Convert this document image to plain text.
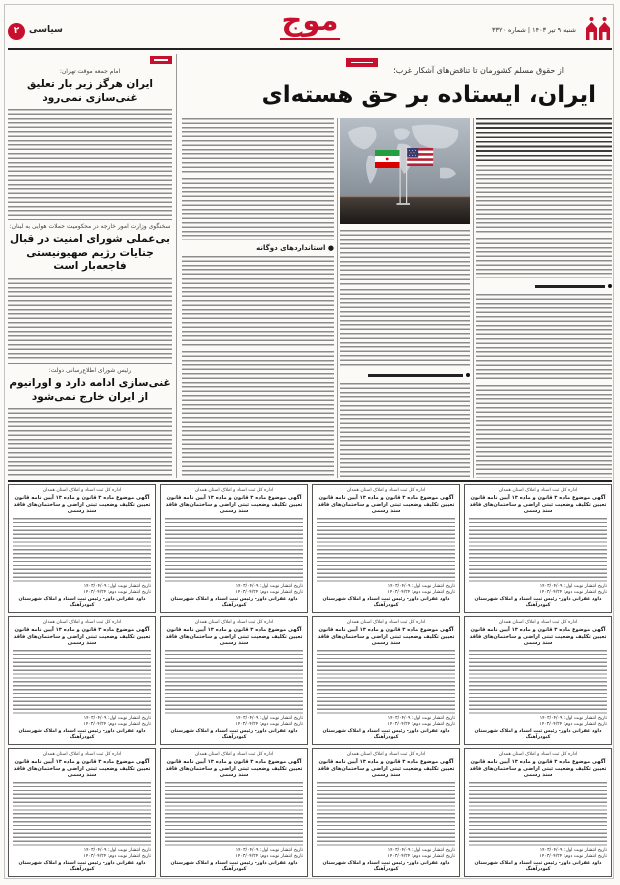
شنبه ۹ تیر ۱۴۰۳ | شماره ۳۳۲۰
موج
سیاسی
۲
از حقوق مسلم کشورمان تا تناقض‌های آشکار غرب؛
ایران، ایستاده بر حق هسته‌ای
● استانداردهای دوگانه
امام جمعه موقت تهران:
ایران هرگز زیر بار تعلیق غنی‌سازی نمی‌رود
سخنگوی وزارت امور خارجه در محکومیت حملات هوایی به لبنان:
بی‌عملی شورای امنیت در قبال جنایات رژیم صهیونیستی فاجعه‌بار است
رئیس شورای اطلاع‌رسانی دولت:
غنی‌سازی ادامه دارد و اورانیوم از ایران خارج نمی‌شود
اداره کل ثبت اسناد و املاک استان همدان
آگهی موضوع ماده ۳ قانون و ماده ۱۳ آیین نامه قانون تعیین تکلیف وضعیت ثبتی اراضی و ساختمان‌های فاقد سند رسمی
تاریخ انتشار نوبت اول: ۱۴۰۳/۰۴/۰۹
تاریخ انتشار نوبت دوم: ۱۴۰۳/۰۴/۲۴
داود غفرانی داور- رئیس ثبت اسناد و املاک شهرستان کبودرآهنگ
اداره کل ثبت اسناد و املاک استان همدان
آگهی موضوع ماده ۳ قانون و ماده ۱۳ آیین نامه قانون تعیین تکلیف وضعیت ثبتی اراضی و ساختمان‌های فاقد سند رسمی
تاریخ انتشار نوبت اول: ۱۴۰۳/۰۴/۰۹
تاریخ انتشار نوبت دوم: ۱۴۰۳/۰۴/۲۴
داود غفرانی داور- رئیس ثبت اسناد و املاک شهرستان کبودرآهنگ
اداره کل ثبت اسناد و املاک استان همدان
آگهی موضوع ماده ۳ قانون و ماده ۱۳ آیین نامه قانون تعیین تکلیف وضعیت ثبتی اراضی و ساختمان‌های فاقد سند رسمی
تاریخ انتشار نوبت اول: ۱۴۰۳/۰۴/۰۹
تاریخ انتشار نوبت دوم: ۱۴۰۳/۰۴/۲۴
داود غفرانی داور- رئیس ثبت اسناد و املاک شهرستان کبودرآهنگ
اداره کل ثبت اسناد و املاک استان همدان
آگهی موضوع ماده ۳ قانون و ماده ۱۳ آیین نامه قانون تعیین تکلیف وضعیت ثبتی اراضی و ساختمان‌های فاقد سند رسمی
تاریخ انتشار نوبت اول: ۱۴۰۳/۰۴/۰۹
تاریخ انتشار نوبت دوم: ۱۴۰۳/۰۴/۲۴
داود غفرانی داور- رئیس ثبت اسناد و املاک شهرستان کبودرآهنگ
اداره کل ثبت اسناد و املاک استان همدان
آگهی موضوع ماده ۳ قانون و ماده ۱۳ آیین نامه قانون تعیین تکلیف وضعیت ثبتی اراضی و ساختمان‌های فاقد سند رسمی
تاریخ انتشار نوبت اول: ۱۴۰۳/۰۴/۰۹
تاریخ انتشار نوبت دوم: ۱۴۰۳/۰۴/۲۴
داود غفرانی داور- رئیس ثبت اسناد و املاک شهرستان کبودرآهنگ
اداره کل ثبت اسناد و املاک استان همدان
آگهی موضوع ماده ۳ قانون و ماده ۱۳ آیین نامه قانون تعیین تکلیف وضعیت ثبتی اراضی و ساختمان‌های فاقد سند رسمی
تاریخ انتشار نوبت اول: ۱۴۰۳/۰۴/۰۹
تاریخ انتشار نوبت دوم: ۱۴۰۳/۰۴/۲۴
داود غفرانی داور- رئیس ثبت اسناد و املاک شهرستان کبودرآهنگ
اداره کل ثبت اسناد و املاک استان همدان
آگهی موضوع ماده ۳ قانون و ماده ۱۳ آیین نامه قانون تعیین تکلیف وضعیت ثبتی اراضی و ساختمان‌های فاقد سند رسمی
تاریخ انتشار نوبت اول: ۱۴۰۳/۰۴/۰۹
تاریخ انتشار نوبت دوم: ۱۴۰۳/۰۴/۲۴
داود غفرانی داور- رئیس ثبت اسناد و املاک شهرستان کبودرآهنگ
اداره کل ثبت اسناد و املاک استان همدان
آگهی موضوع ماده ۳ قانون و ماده ۱۳ آیین نامه قانون تعیین تکلیف وضعیت ثبتی اراضی و ساختمان‌های فاقد سند رسمی
تاریخ انتشار نوبت اول: ۱۴۰۳/۰۴/۰۹
تاریخ انتشار نوبت دوم: ۱۴۰۳/۰۴/۲۴
داود غفرانی داور- رئیس ثبت اسناد و املاک شهرستان کبودرآهنگ
اداره کل ثبت اسناد و املاک استان همدان
آگهی موضوع ماده ۳ قانون و ماده ۱۳ آیین نامه قانون تعیین تکلیف وضعیت ثبتی اراضی و ساختمان‌های فاقد سند رسمی
تاریخ انتشار نوبت اول: ۱۴۰۳/۰۴/۰۹
تاریخ انتشار نوبت دوم: ۱۴۰۳/۰۴/۲۴
داود غفرانی داور- رئیس ثبت اسناد و املاک شهرستان کبودرآهنگ
اداره کل ثبت اسناد و املاک استان همدان
آگهی موضوع ماده ۳ قانون و ماده ۱۳ آیین نامه قانون تعیین تکلیف وضعیت ثبتی اراضی و ساختمان‌های فاقد سند رسمی
تاریخ انتشار نوبت اول: ۱۴۰۳/۰۴/۰۹
تاریخ انتشار نوبت دوم: ۱۴۰۳/۰۴/۲۴
داود غفرانی داور- رئیس ثبت اسناد و املاک شهرستان کبودرآهنگ
اداره کل ثبت اسناد و املاک استان همدان
آگهی موضوع ماده ۳ قانون و ماده ۱۳ آیین نامه قانون تعیین تکلیف وضعیت ثبتی اراضی و ساختمان‌های فاقد سند رسمی
تاریخ انتشار نوبت اول: ۱۴۰۳/۰۴/۰۹
تاریخ انتشار نوبت دوم: ۱۴۰۳/۰۴/۲۴
داود غفرانی داور- رئیس ثبت اسناد و املاک شهرستان کبودرآهنگ
اداره کل ثبت اسناد و املاک استان همدان
آگهی موضوع ماده ۳ قانون و ماده ۱۳ آیین نامه قانون تعیین تکلیف وضعیت ثبتی اراضی و ساختمان‌های فاقد سند رسمی
تاریخ انتشار نوبت اول: ۱۴۰۳/۰۴/۰۹
تاریخ انتشار نوبت دوم: ۱۴۰۳/۰۴/۲۴
داود غفرانی داور- رئیس ثبت اسناد و املاک شهرستان کبودرآهنگ
